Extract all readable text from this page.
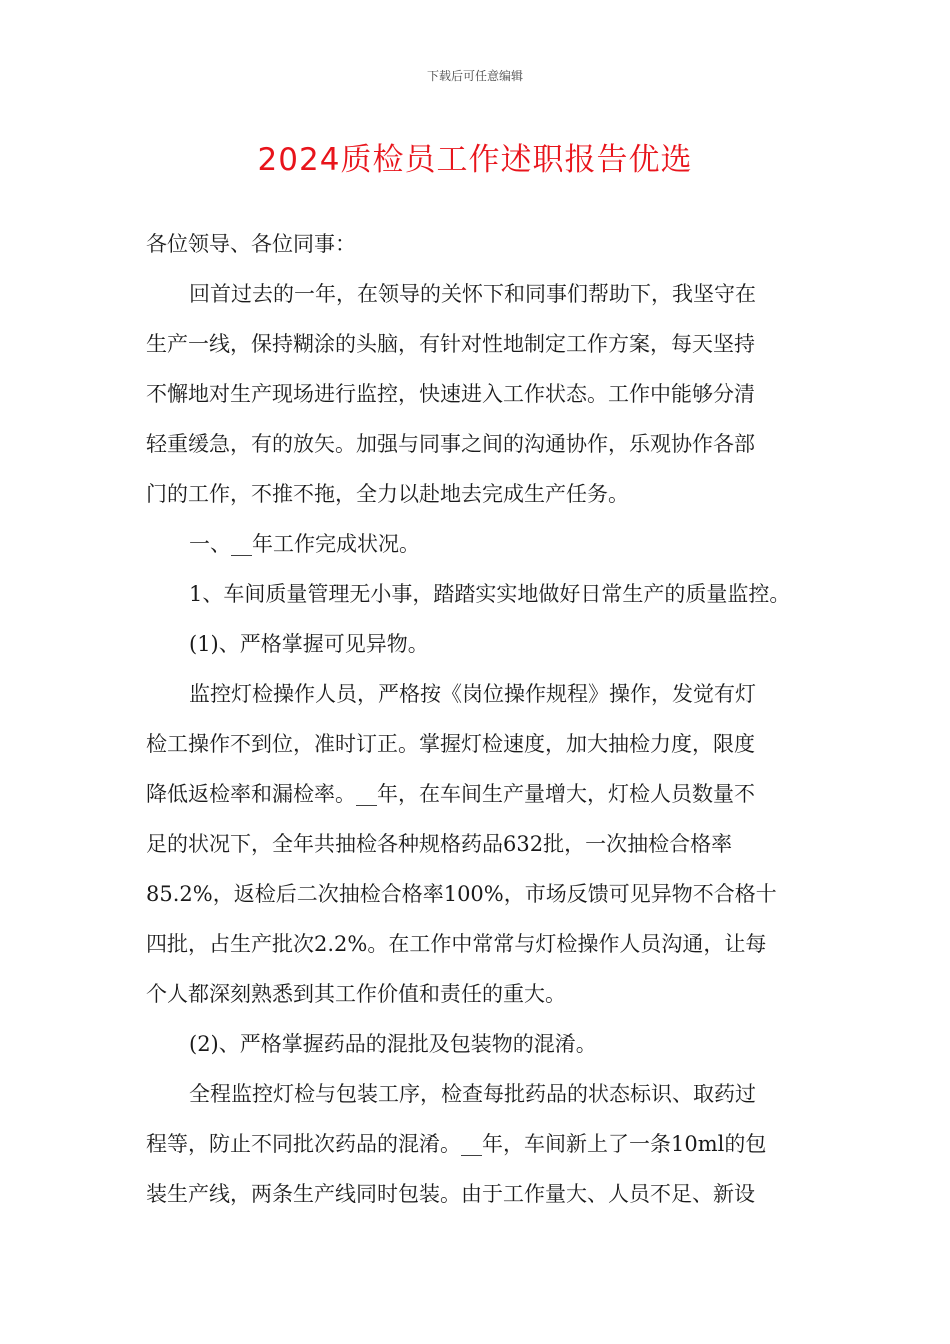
下载后可任意编辑
2024质检员工作述职报告优选

各位领导、各位同事：

回首过去的一年，在领导的关怀下和同事们帮助下，我坚守在

生产一线，保持糊涂的头脑，有针对性地制定工作方案，每天坚持

不懈地对生产现场进行监控，快速进入工作状态。工作中能够分清

轻重缓急，有的放矢。加强与同事之间的沟通协作，乐观协作各部

门的工作，不推不拖，全力以赴地去完成生产任务。

一、__年工作完成状况。

1、车间质量管理无小事，踏踏实实地做好日常生产的质量监控。

(1)、严格掌握可见异物。

监控灯检操作人员，严格按《岗位操作规程》操作，发觉有灯

检工操作不到位，准时订正。掌握灯检速度，加大抽检力度，限度

降低返检率和漏检率。__年，在车间生产量增大，灯检人员数量不

足的状况下，全年共抽检各种规格药品632批，一次抽检合格率

85.2%，返检后二次抽检合格率100%，市场反馈可见异物不合格十

四批，占生产批次2.2%。在工作中常常与灯检操作人员沟通，让每

个人都深刻熟悉到其工作价值和责任的重大。

(2)、严格掌握药品的混批及包装物的混淆。

全程监控灯检与包装工序，检查每批药品的状态标识、取药过

程等，防止不同批次药品的混淆。__年，车间新上了一条10ml的包

装生产线，两条生产线同时包装。由于工作量大、人员不足、新设
